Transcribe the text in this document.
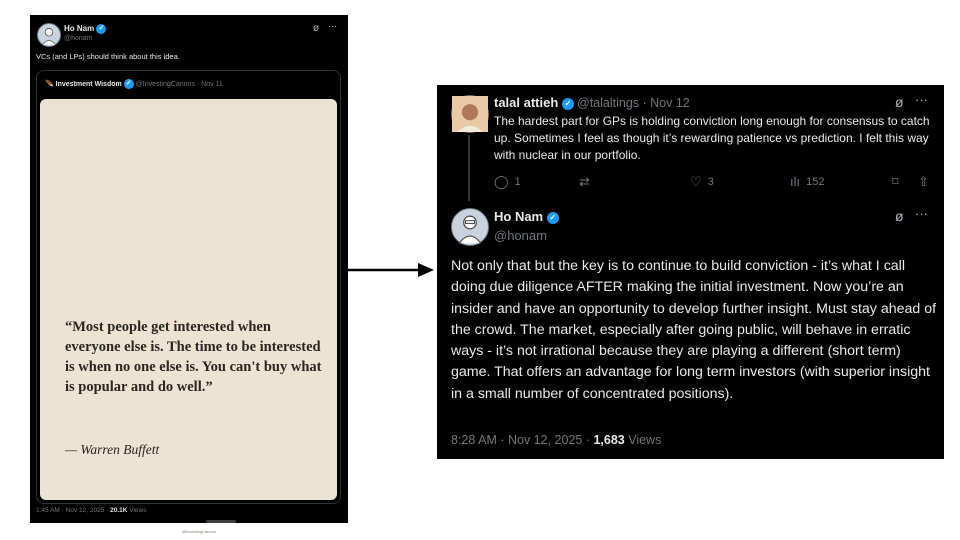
Ho Nam ✓
@honam
ø ···
VCs (and LPs) should think about this idea.
🪶 Investment Wisdom ✓ @InvestingCanons · Nov 11

“Most people get interested when everyone else is. The time to be interested is when no one else is. You can't buy what is popular and do well.”

— Warren Buffett
@InvestingCanons
1:45 AM · Nov 12, 2025 · 20.1K Views
talal attieh ✓ @talaltings · Nov 12	ø ···

The hardest part for GPs is holding conviction long enough for consensus to catch up. Sometimes I feel as though it’s rewarding patience vs prediction. I felt this way with nuclear in our portfolio.

◯ 1	⇄	♡ 3	ılı 152	⌑	⇧
Ho Nam ✓
@honam
ø ···

Not only that but the key is to continue to build conviction - it’s what I call doing due diligence AFTER making the initial investment. Now you’re an insider and have an opportunity to develop further insight. Must stay ahead of the crowd. The market, especially after going public, will behave in erratic ways - it’s not irrational because they are playing a different (short term) game. That offers an advantage for long term investors (with superior insight in a small number of concentrated positions).

8:28 AM · Nov 12, 2025 · 1,683 Views
